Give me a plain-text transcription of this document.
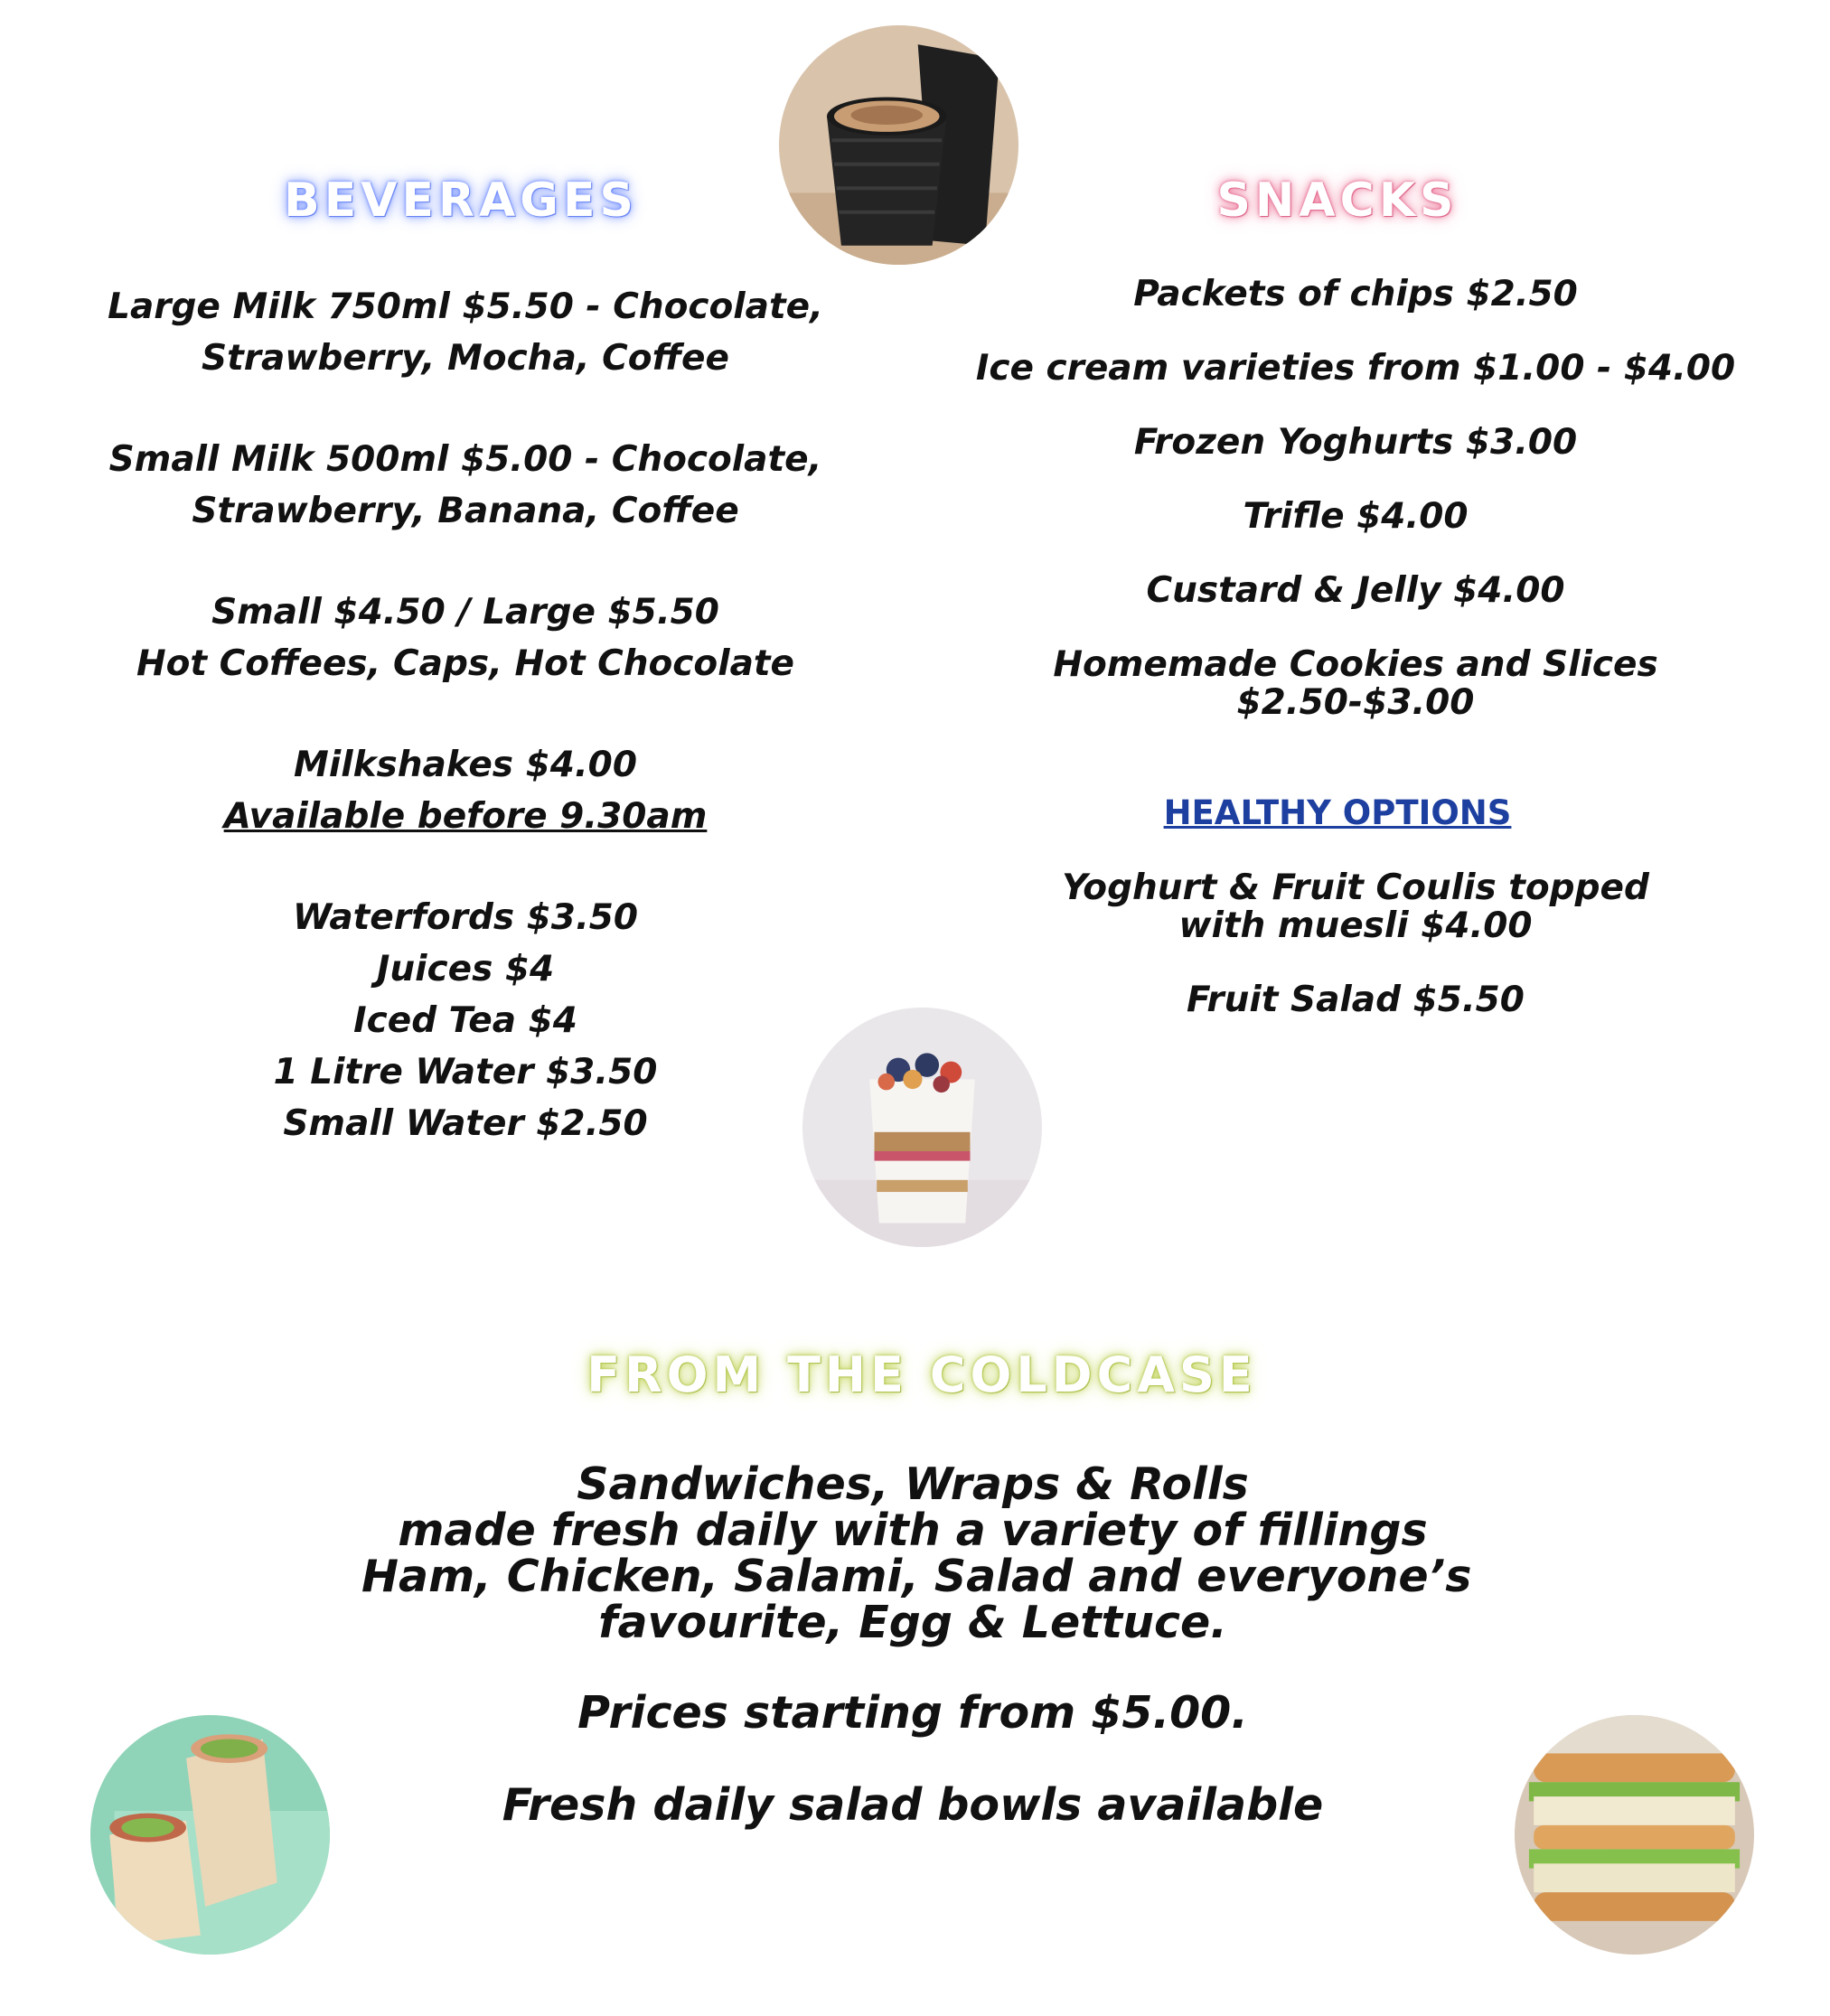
BEVERAGES	SNACKS
FROM THE COLDCASE

Large Milk 750ml $5.50 - Chocolate,
Strawberry, Mocha, Coffee

Small Milk 500ml $5.00 - Chocolate,
Strawberry, Banana, Coffee

Small $4.50 / Large $5.50
Hot Coffees, Caps, Hot Chocolate

Milkshakes $4.00
Available before 9.30am

Waterfords $3.50
Juices $4
Iced Tea $4
1 Litre Water $3.50
Small Water $2.50

Packets of chips $2.50

Ice cream varieties from $1.00 - $4.00

Frozen Yoghurts $3.00

Trifle $4.00

Custard & Jelly $4.00

Homemade Cookies and Slices
$2.50-$3.00

HEALTHY OPTIONS

Yoghurt & Fruit Coulis topped
with muesli $4.00

Fruit Salad $5.50

Sandwiches, Wraps & Rolls

made fresh daily with a variety of fillings

Ham, Chicken, Salami, Salad and everyone’s

favourite, Egg & Lettuce.

Prices starting from $5.00.

Fresh daily salad bowls available
